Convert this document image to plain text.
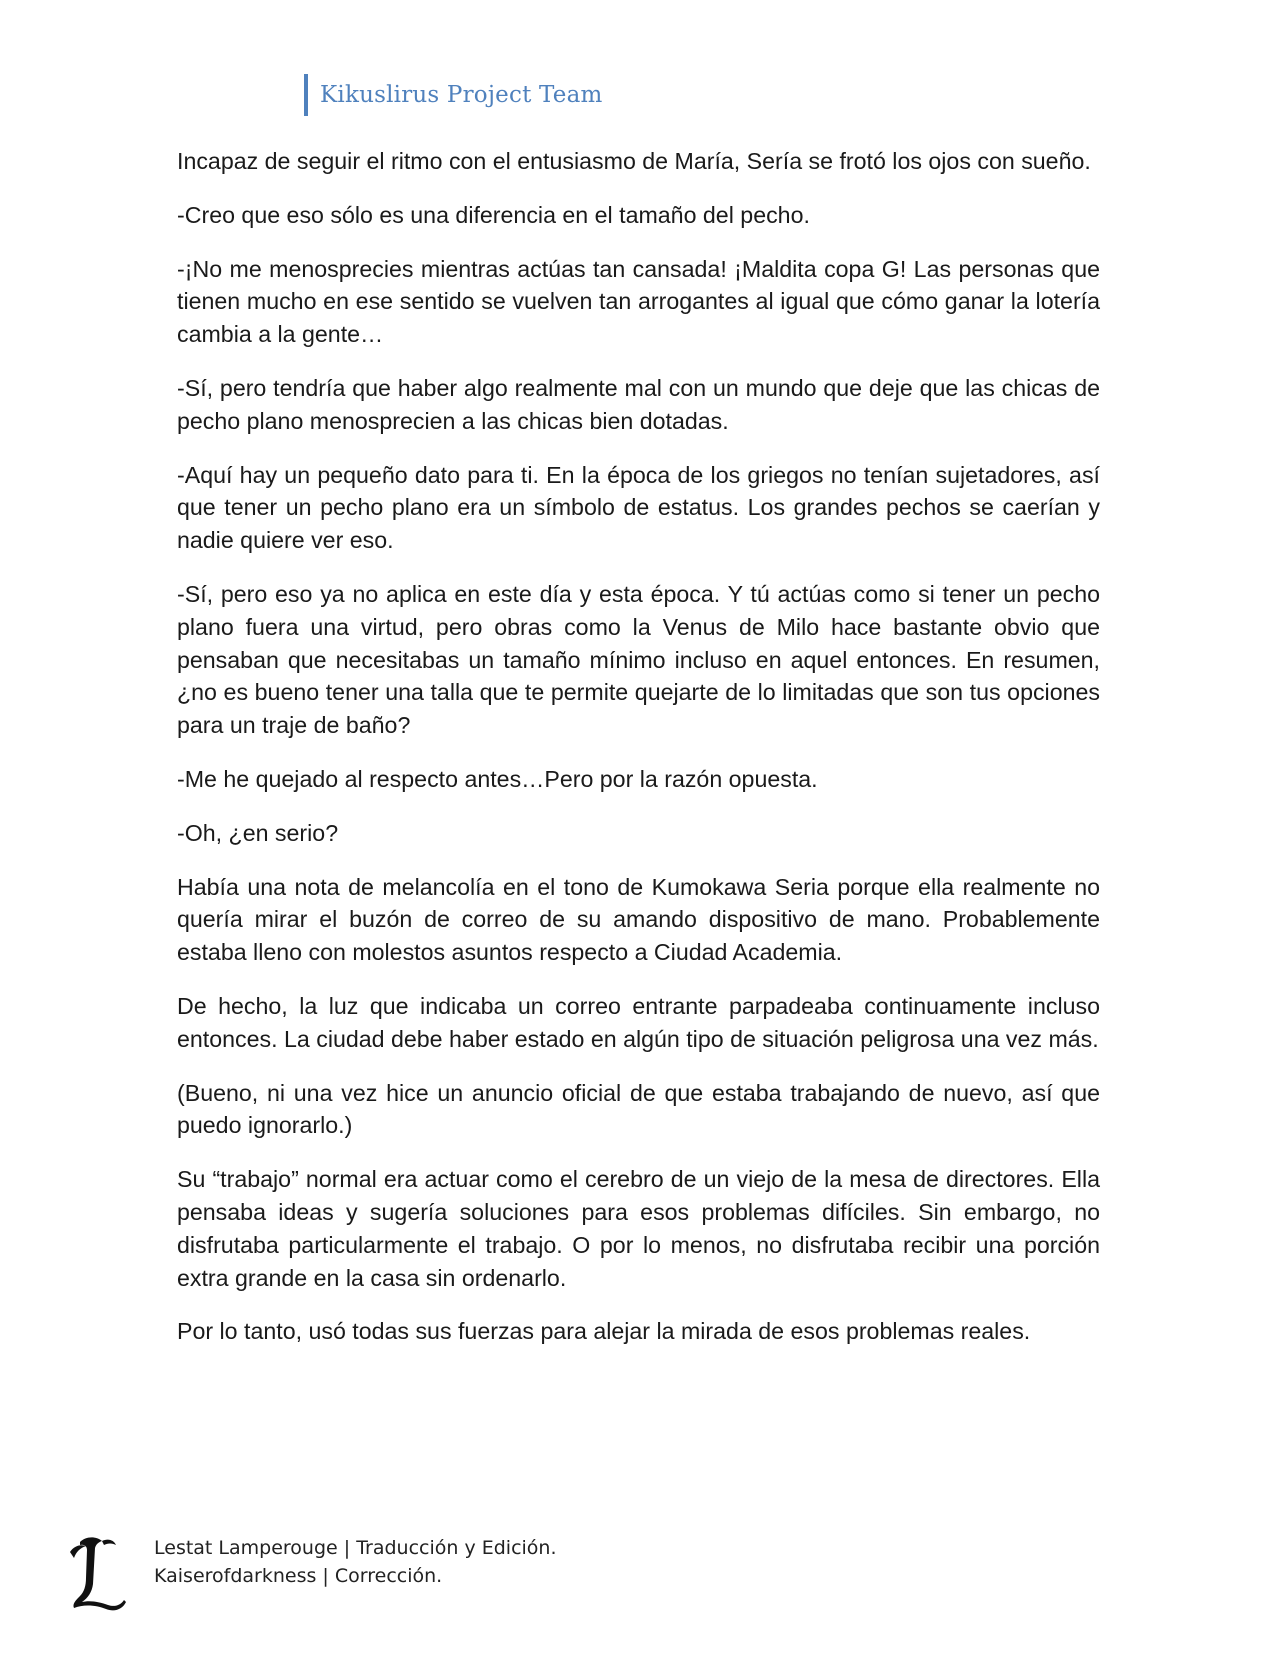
Kikuslirus Project Team

Incapaz de seguir el ritmo con el entusiasmo de María, Sería se frotó los ojos con sueño.

-Creo que eso sólo es una diferencia en el tamaño del pecho.

-¡No me menosprecies mientras actúas tan cansada! ¡Maldita copa G! Las personas que tienen mucho en ese sentido se vuelven tan arrogantes al igual que cómo ganar la lotería cambia a la gente…

-Sí, pero tendría que haber algo realmente mal con un mundo que deje que las chicas de pecho plano menosprecien a las chicas bien dotadas.

-Aquí hay un pequeño dato para ti. En la época de los griegos no tenían sujetadores, así que tener un pecho plano era un símbolo de estatus. Los grandes pechos se caerían y nadie quiere ver eso.

-Sí, pero eso ya no aplica en este día y esta época. Y tú actúas como si tener un pecho plano fuera una virtud, pero obras como la Venus de Milo hace bastante obvio que pensaban que necesitabas un tamaño mínimo incluso en aquel entonces. En resumen, ¿no es bueno tener una talla que te permite quejarte de lo limitadas que son tus opciones para un traje de baño?

-Me he quejado al respecto antes…Pero por la razón opuesta.

-Oh, ¿en serio?

Había una nota de melancolía en el tono de Kumokawa Seria porque ella realmente no quería mirar el buzón de correo de su amando dispositivo de mano. Probablemente estaba lleno con molestos asuntos respecto a Ciudad Academia.

De hecho, la luz que indicaba un correo entrante parpadeaba continuamente incluso entonces. La ciudad debe haber estado en algún tipo de situación peligrosa una vez más.

(Bueno, ni una vez hice un anuncio oficial de que estaba trabajando de nuevo, así que puedo ignorarlo.)

Su “trabajo” normal era actuar como el cerebro de un viejo de la mesa de directores. Ella pensaba ideas y sugería soluciones para esos problemas difíciles. Sin embargo, no disfrutaba particularmente el trabajo. O por lo menos, no disfrutaba recibir una porción extra grande en la casa sin ordenarlo.

Por lo tanto, usó todas sus fuerzas para alejar la mirada de esos problemas reales.

Lestat Lamperouge | Traducción y Edición.
Kaiserofdarkness | Corrección.
